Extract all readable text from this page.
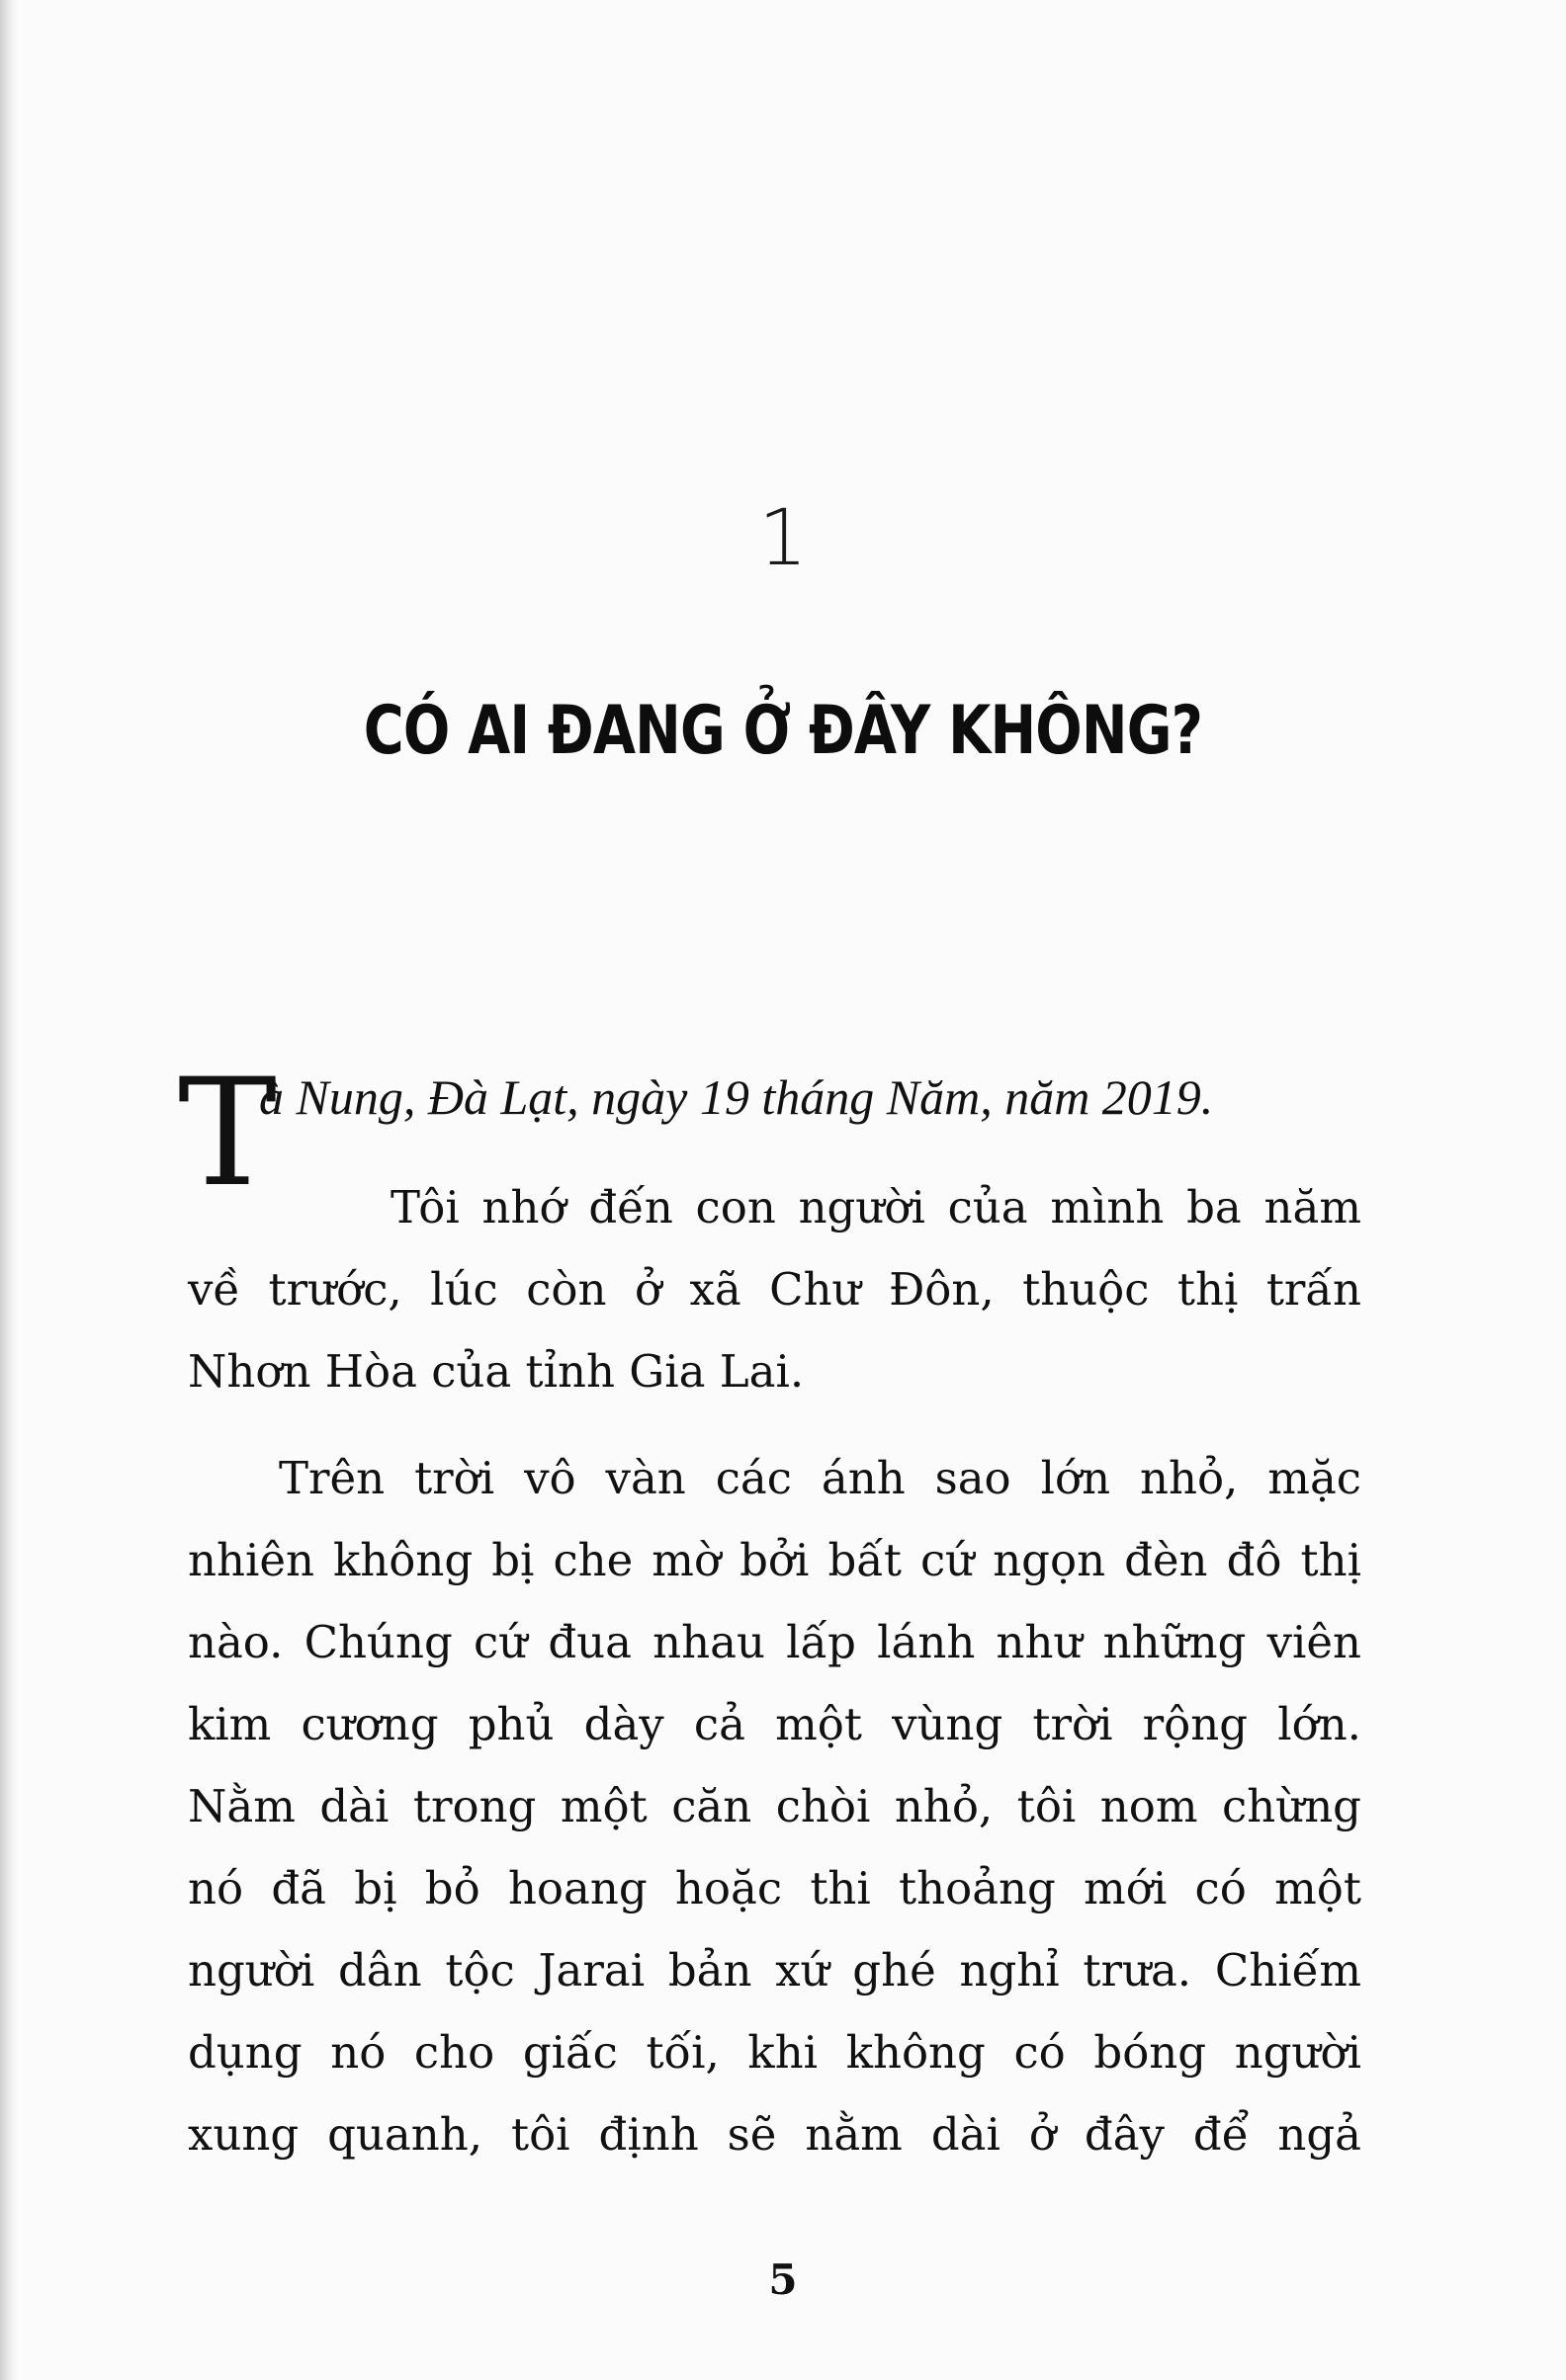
1
CÓ AI ĐANG Ở ĐÂY KHÔNG?
T
à Nung, Đà Lạt, ngày 19 tháng Năm, năm 2019.
Tôi nhớ đến con người của mình ba năm
về trước, lúc còn ở xã Chư Đôn, thuộc thị trấn
Nhơn Hòa của tỉnh Gia Lai.
Trên trời vô vàn các ánh sao lớn nhỏ, mặc
nhiên không bị che mờ bởi bất cứ ngọn đèn đô thị
nào. Chúng cứ đua nhau lấp lánh như những viên
kim cương phủ dày cả một vùng trời rộng lớn.
Nằm dài trong một căn chòi nhỏ, tôi nom chừng
nó đã bị bỏ hoang hoặc thi thoảng mới có một
người dân tộc Jarai bản xứ ghé nghỉ trưa. Chiếm
dụng nó cho giấc tối, khi không có bóng người
xung quanh, tôi định sẽ nằm dài ở đây để ngả
5
